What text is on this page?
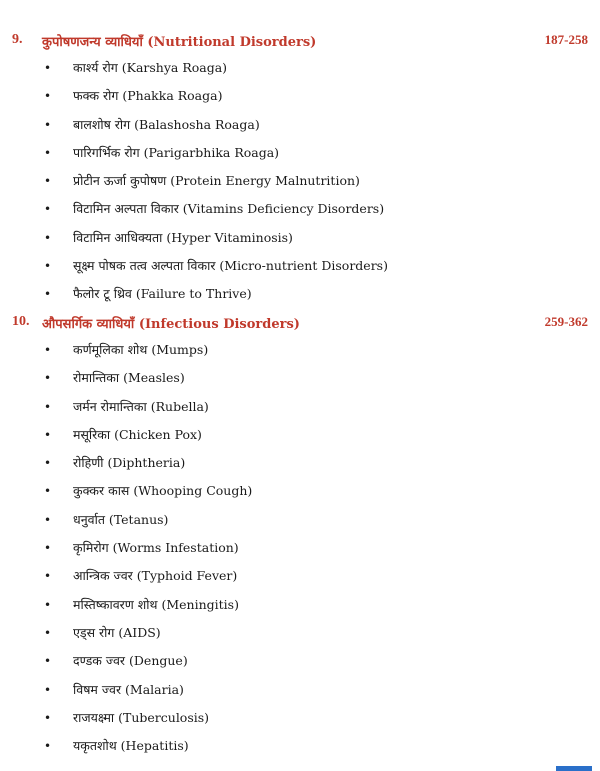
9. कुपोषणजन्य व्याधियाँ (Nutritional Disorders)	187-258
• कार्श्य रोग (Karshya Roaga)
• फक्क रोग (Phakka Roaga)
• बालशोष रोग (Balashosha Roaga)
• पारिगर्भिक रोग (Parigarbhika Roaga)
• प्रोटीन ऊर्जा कुपोषण (Protein Energy Malnutrition)
• विटामिन अल्पता विकार (Vitamins Deficiency Disorders)
• विटामिन आधिक्यता (Hyper Vitaminosis)
• सूक्ष्म पोषक तत्व अल्पता विकार (Micro-nutrient Disorders)
• फैलोर टू थ्रिव (Failure to Thrive)
10. औपसर्गिक व्याधियाँ (Infectious Disorders)	259-362
• कर्णमूलिका शोथ (Mumps)
• रोमान्तिका (Measles)
• जर्मन रोमान्तिका (Rubella)
• मसूरिका (Chicken Pox)
• रोहिणी (Diphtheria)
• कुक्कर कास (Whooping Cough)
• धनुर्वात (Tetanus)
• कृमिरोग (Worms Infestation)
• आन्त्रिक ज्वर (Typhoid Fever)
• मस्तिष्कावरण शोथ (Meningitis)
• एड्स रोग (AIDS)
• दण्डक ज्वर (Dengue)
• विषम ज्वर (Malaria)
• राजयक्ष्मा (Tuberculosis)
• यकृतशोथ (Hepatitis)
